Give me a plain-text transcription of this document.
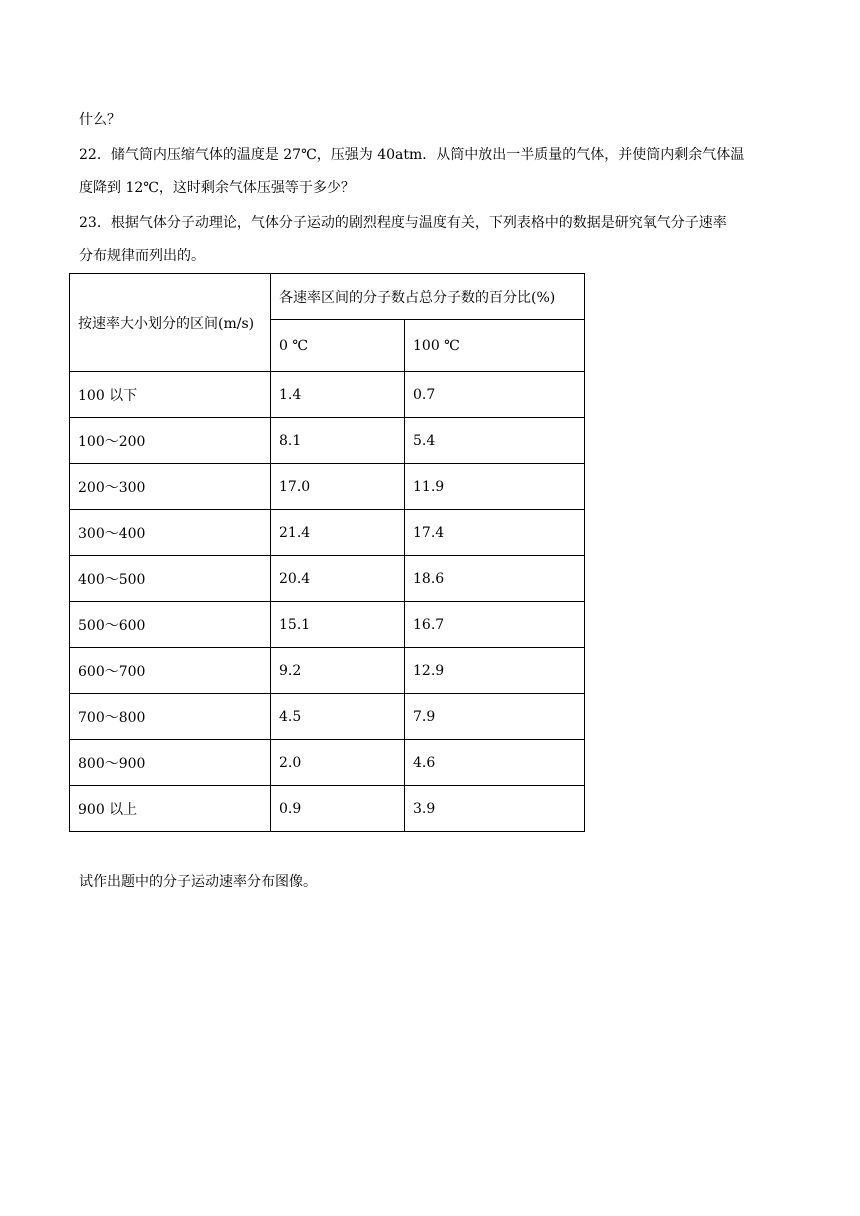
什么？
22．储气筒内压缩气体的温度是 27℃，压强为 40atm．从筒中放出一半质量的气体，并使筒内剩余气体温
度降到 12℃，这时剩余气体压强等于多少？
23．根据气体分子动理论，气体分子运动的剧烈程度与温度有关，下列表格中的数据是研究氧气分子速率
分布规律而列出的。
按速率大小划分的区间(m/s)	各速率区间的分子数占总分子数的百分比(%)	
	0 ℃	100 ℃
100 以下	1.4	0.7
100～200	8.1	5.4
200～300	17.0	11.9
300～400	21.4	17.4
400～500	20.4	18.6
500～600	15.1	16.7
600～700	9.2	12.9
700～800	4.5	7.9
800～900	2.0	4.6
900 以上	0.9	3.9
试作出题中的分子运动速率分布图像。
